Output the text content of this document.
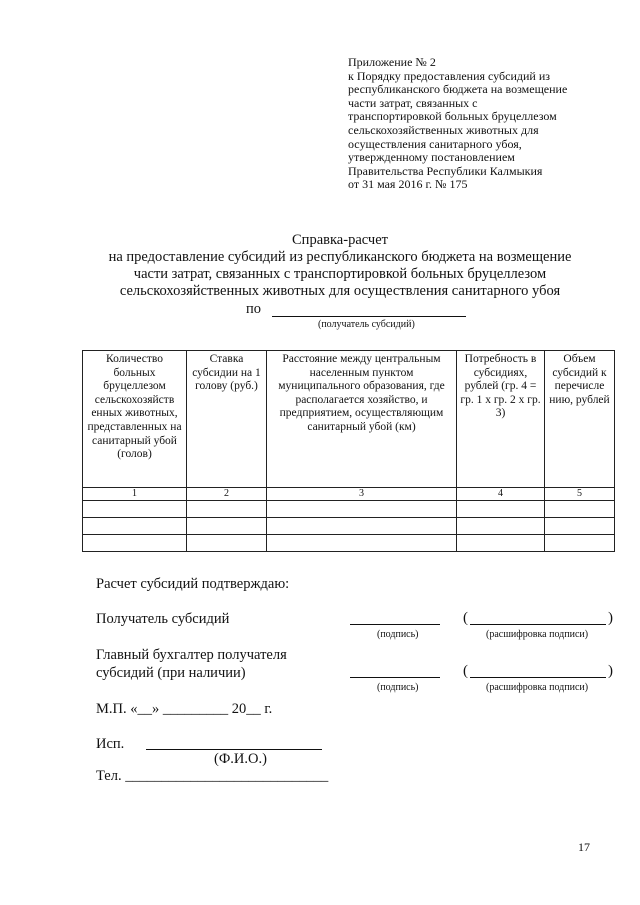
Приложение № 2
к Порядку предоставления субсидий из
республиканского бюджета на возмещение
части затрат, связанных с
транспортировкой больных бруцеллезом
сельскохозяйственных животных для
осуществления санитарного убоя,
утвержденному постановлением
Правительства Республики Калмыкия
от 31 мая 2016 г. № 175
Справка-расчет
на предоставление субсидий из республиканского бюджета на возмещение
части затрат, связанных с транспортировкой больных бруцеллезом
сельскохозяйственных животных для осуществления санитарного убоя
по
(получатель субсидий)
Количество больных бруцеллезом сельскохозяйств енных животных, представленных на санитарный убой (голов)	Ставка субсидии на 1 голову (руб.)	Расстояние между центральным населенным пунктом муниципального образования, где располагается хозяйство, и предприятием, осуществляющим санитарный убой (км)	Потребность в субсидиях, рублей (гр. 4 = гр. 1 х гр. 2 х гр. 3)	Объем субсидий к перечисле нию, рублей
1	2	3	4	5

Расчет субсидий подтверждаю:
Получатель субсидий
(подпись)
(	)
(расшифровка подписи)
Главный бухгалтер получателя
субсидий (при наличии)
(подпись)
(	)
(расшифровка подписи)
М.П. «__» _________ 20__ г.
Исп.
(Ф.И.О.)
Тел. ____________________________
17
